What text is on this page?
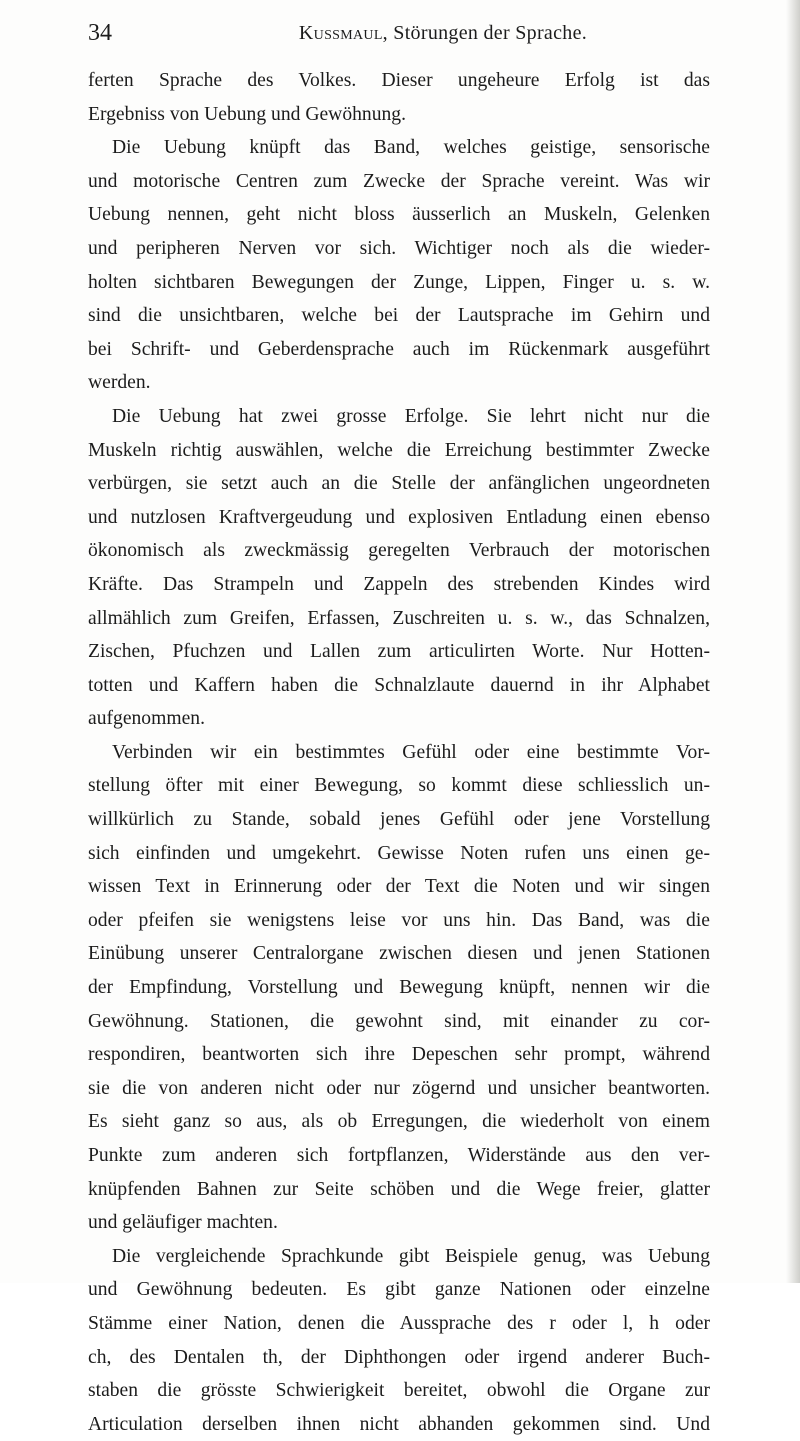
34	Kussmaul, Störungen der Sprache.
ferten Sprache des Volkes. Dieser ungeheure Erfolg ist das
Ergebniss von Uebung und Gewöhnung.
Die Uebung knüpft das Band, welches geistige, sensorische
und motorische Centren zum Zwecke der Sprache vereint. Was wir
Uebung nennen, geht nicht bloss äusserlich an Muskeln, Gelenken
und peripheren Nerven vor sich. Wichtiger noch als die wieder-
holten sichtbaren Bewegungen der Zunge, Lippen, Finger u. s. w.
sind die unsichtbaren, welche bei der Lautsprache im Gehirn und
bei Schrift- und Geberdensprache auch im Rückenmark ausgeführt
werden.
Die Uebung hat zwei grosse Erfolge. Sie lehrt nicht nur die
Muskeln richtig auswählen, welche die Erreichung bestimmter Zwecke
verbürgen, sie setzt auch an die Stelle der anfänglichen ungeordneten
und nutzlosen Kraftvergeudung und explosiven Entladung einen ebenso
ökonomisch als zweckmässig geregelten Verbrauch der motorischen
Kräfte. Das Strampeln und Zappeln des strebenden Kindes wird
allmählich zum Greifen, Erfassen, Zuschreiten u. s. w., das Schnalzen,
Zischen, Pfuchzen und Lallen zum articulirten Worte. Nur Hotten-
totten und Kaffern haben die Schnalzlaute dauernd in ihr Alphabet
aufgenommen.
Verbinden wir ein bestimmtes Gefühl oder eine bestimmte Vor-
stellung öfter mit einer Bewegung, so kommt diese schliesslich un-
willkürlich zu Stande, sobald jenes Gefühl oder jene Vorstellung
sich einfinden und umgekehrt. Gewisse Noten rufen uns einen ge-
wissen Text in Erinnerung oder der Text die Noten und wir singen
oder pfeifen sie wenigstens leise vor uns hin. Das Band, was die
Einübung unserer Centralorgane zwischen diesen und jenen Stationen
der Empfindung, Vorstellung und Bewegung knüpft, nennen wir die
Gewöhnung. Stationen, die gewohnt sind, mit einander zu cor-
respondiren, beantworten sich ihre Depeschen sehr prompt, während
sie die von anderen nicht oder nur zögernd und unsicher beantworten.
Es sieht ganz so aus, als ob Erregungen, die wiederholt von einem
Punkte zum anderen sich fortpflanzen, Widerstände aus den ver-
knüpfenden Bahnen zur Seite schöben und die Wege freier, glatter
und geläufiger machten.
Die vergleichende Sprachkunde gibt Beispiele genug, was Uebung
und Gewöhnung bedeuten. Es gibt ganze Nationen oder einzelne
Stämme einer Nation, denen die Aussprache des r oder l, h oder
ch, des Dentalen th, der Diphthongen oder irgend anderer Buch-
staben die grösste Schwierigkeit bereitet, obwohl die Organe zur
Articulation derselben ihnen nicht abhanden gekommen sind. Und
